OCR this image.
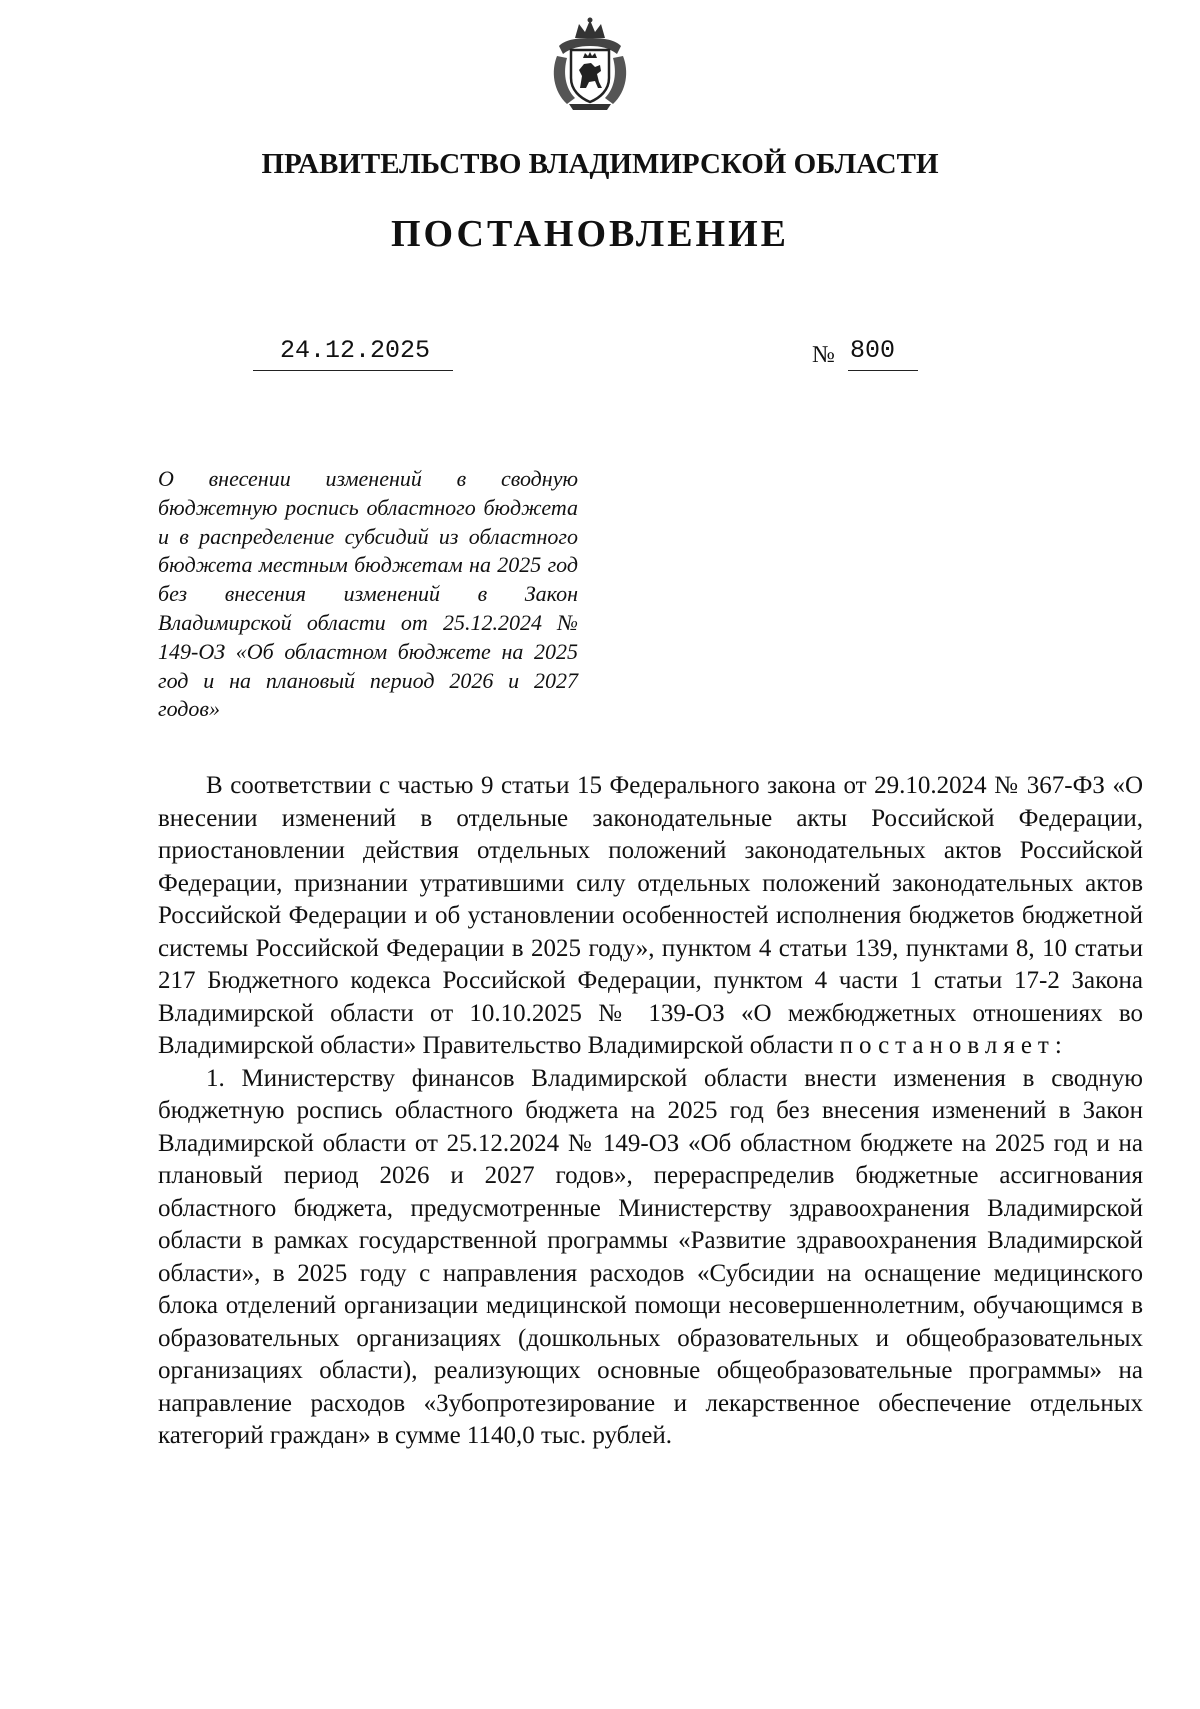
ПРАВИТЕЛЬСТВО ВЛАДИМИРСКОЙ ОБЛАСТИ
ПОСТАНОВЛЕНИЕ
24.12.2025	№ 800
О внесении изменений в сводную бюджетную роспись областного бюджета и в распределение субсидий из областного бюджета местным бюджетам на 2025 год без внесения изменений в Закон Владимирской области от 25.12.2024 № 149-ОЗ «Об областном бюджете на 2025 год и на плановый период 2026 и 2027 годов»

В соответствии с частью 9 статьи 15 Федерального закона от 29.10.2024 № 367-ФЗ «О внесении изменений в отдельные законодательные акты Российской Федерации, приостановлении действия отдельных положений законодательных актов Российской Федерации, признании утратившими силу отдельных положений законодательных актов Российской Федерации и об установлении особенностей исполнения бюджетов бюджетной системы Российской Федерации в 2025 году», пунктом 4 статьи 139, пунктами 8, 10 статьи 217 Бюджетного кодекса Российской Федерации, пунктом 4 части 1 статьи 17-2 Закона Владимирской области от 10.10.2025 № 139-ОЗ «О межбюджетных отношениях во Владимирской области» Правительство Владимирской области постановляет:

1. Министерству финансов Владимирской области внести изменения в сводную бюджетную роспись областного бюджета на 2025 год без внесения изменений в Закон Владимирской области от 25.12.2024 № 149-ОЗ «Об областном бюджете на 2025 год и на плановый период 2026 и 2027 годов», перераспределив бюджетные ассигнования областного бюджета, предусмотренные Министерству здравоохранения Владимирской области в рамках государственной программы «Развитие здравоохранения Владимирской области», в 2025 году с направления расходов «Субсидии на оснащение медицинского блока отделений организации медицинской помощи несовершеннолетним, обучающимся в образовательных организациях (дошкольных образовательных и общеобразовательных организациях области), реализующих основные общеобразовательные программы» на направление расходов «Зубопротезирование и лекарственное обеспечение отдельных категорий граждан» в сумме 1140,0 тыс. рублей.
